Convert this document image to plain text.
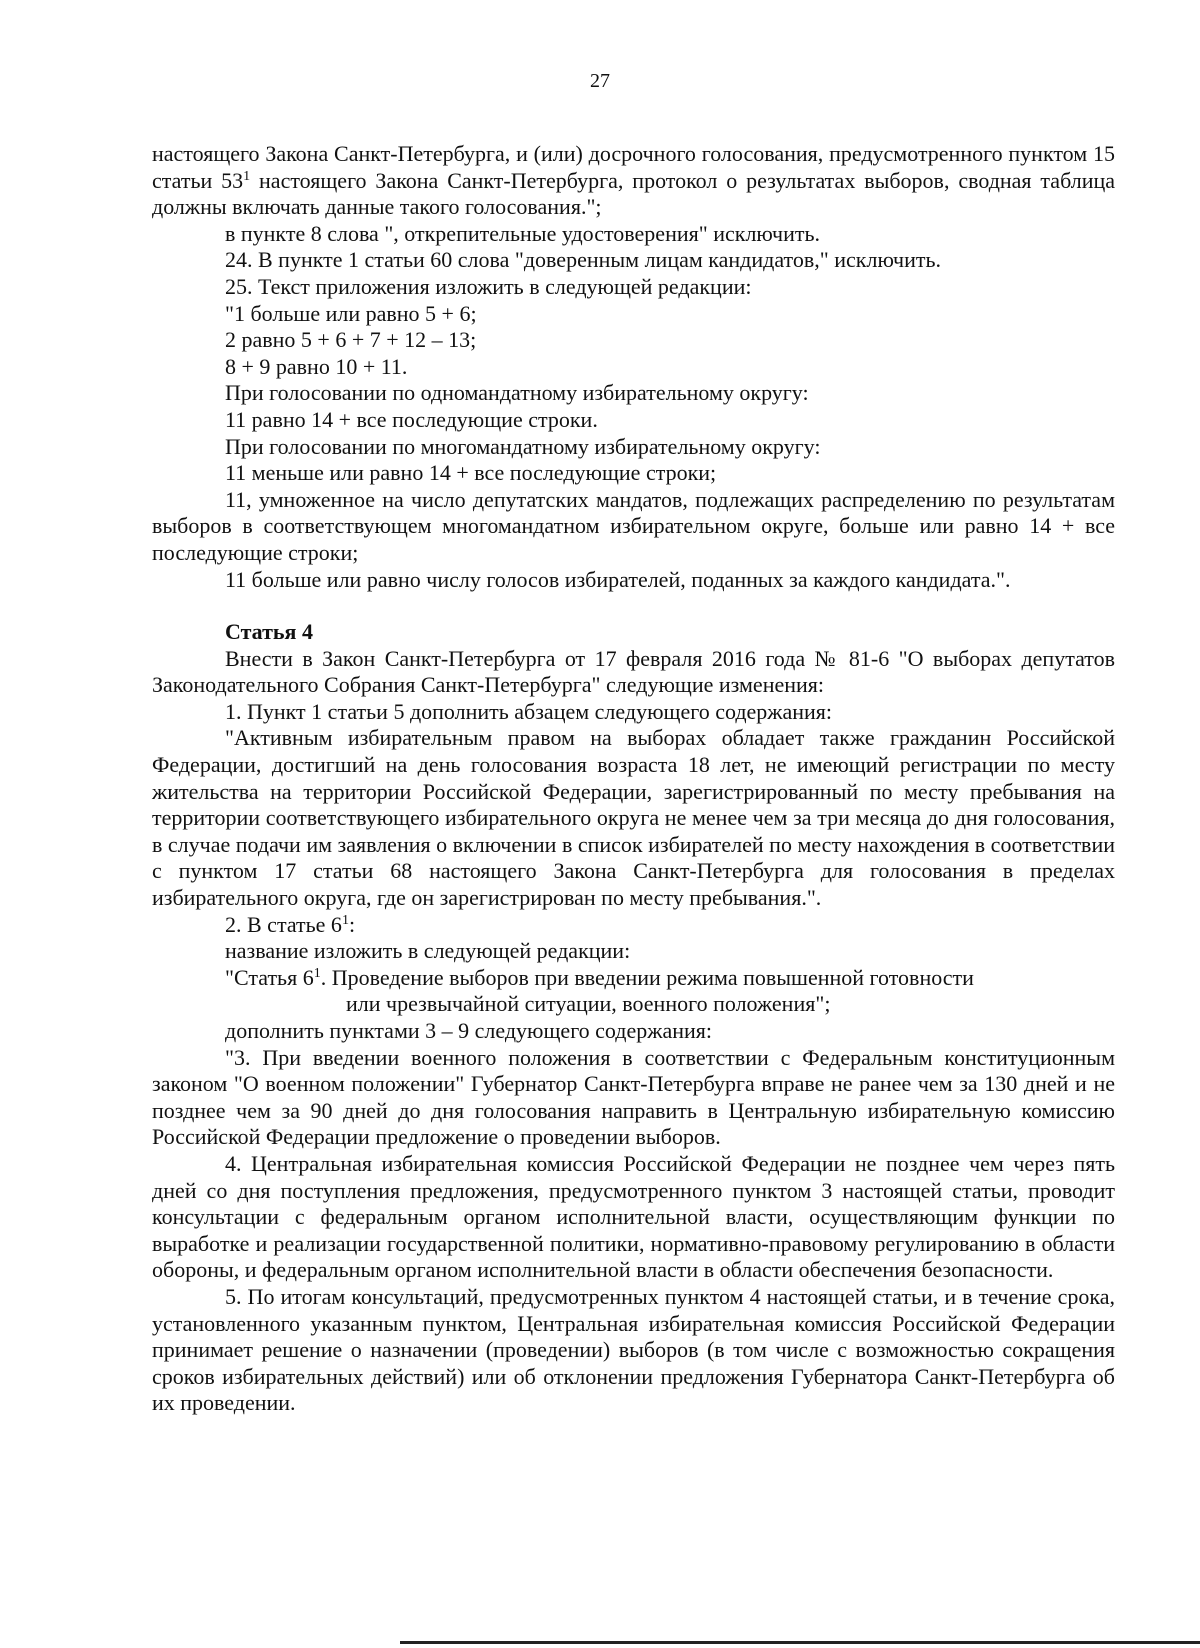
27

настоящего Закона Санкт-Петербурга, и (или) досрочного голосования, предусмотренного пунктом 15 статьи $53^1$ настоящего Закона Санкт-Петербурга, протокол о результатах выборов, сводная таблица должны включать данные такого голосования.";

в пункте 8 слова ", открепительные удостоверения" исключить.

24. В пункте 1 статьи 60 слова "доверенным лицам кандидатов," исключить.

25. Текст приложения изложить в следующей редакции:

"1 больше или равно 5 + 6;

2 равно 5 + 6 + 7 + 12 – 13;

8 + 9 равно 10 + 11.

При голосовании по одномандатному избирательному округу:

11 равно 14 + все последующие строки.

При голосовании по многомандатному избирательному округу:

11 меньше или равно 14 + все последующие строки;

11, умноженное на число депутатских мандатов, подлежащих распределению по результатам выборов в соответствующем многомандатном избирательном округе, больше или равно 14 + все последующие строки;

11 больше или равно числу голосов избирателей, поданных за каждого кандидата.".

Статья 4

Внести в Закон Санкт-Петербурга от 17 февраля 2016 года № 81-6 "О выборах депутатов Законодательного Собрания Санкт-Петербурга" следующие изменения:

1. Пункт 1 статьи 5 дополнить абзацем следующего содержания:

"Активным избирательным правом на выборах обладает также гражданин Российской Федерации, достигший на день голосования возраста 18 лет, не имеющий регистрации по месту жительства на территории Российской Федерации, зарегистрированный по месту пребывания на территории соответствующего избирательного округа не менее чем за три месяца до дня голосования, в случае подачи им заявления о включении в список избирателей по месту нахождения в соответствии с пунктом 17 статьи 68 настоящего Закона Санкт-Петербурга для голосования в пределах избирательного округа, где он зарегистрирован по месту пребывания.".

2. В статье $6^1$:

название изложить в следующей редакции:

"Статья $6^1$. Проведение выборов при введении режима повышенной готовности

или чрезвычайной ситуации, военного положения";

дополнить пунктами 3 – 9 следующего содержания:

"3. При введении военного положения в соответствии с Федеральным конституционным законом "О военном положении" Губернатор Санкт-Петербурга вправе не ранее чем за 130 дней и не позднее чем за 90 дней до дня голосования направить в Центральную избирательную комиссию Российской Федерации предложение о проведении выборов.

4. Центральная избирательная комиссия Российской Федерации не позднее чем через пять дней со дня поступления предложения, предусмотренного пунктом 3 настоящей статьи, проводит консультации с федеральным органом исполнительной власти, осуществляющим функции по выработке и реализации государственной политики, нормативно-правовому регулированию в области обороны, и федеральным органом исполнительной власти в области обеспечения безопасности.

5. По итогам консультаций, предусмотренных пунктом 4 настоящей статьи, и в течение срока, установленного указанным пунктом, Центральная избирательная комиссия Российской Федерации принимает решение о назначении (проведении) выборов (в том числе с возможностью сокращения сроков избирательных действий) или об отклонении предложения Губернатора Санкт-Петербурга об их проведении.
